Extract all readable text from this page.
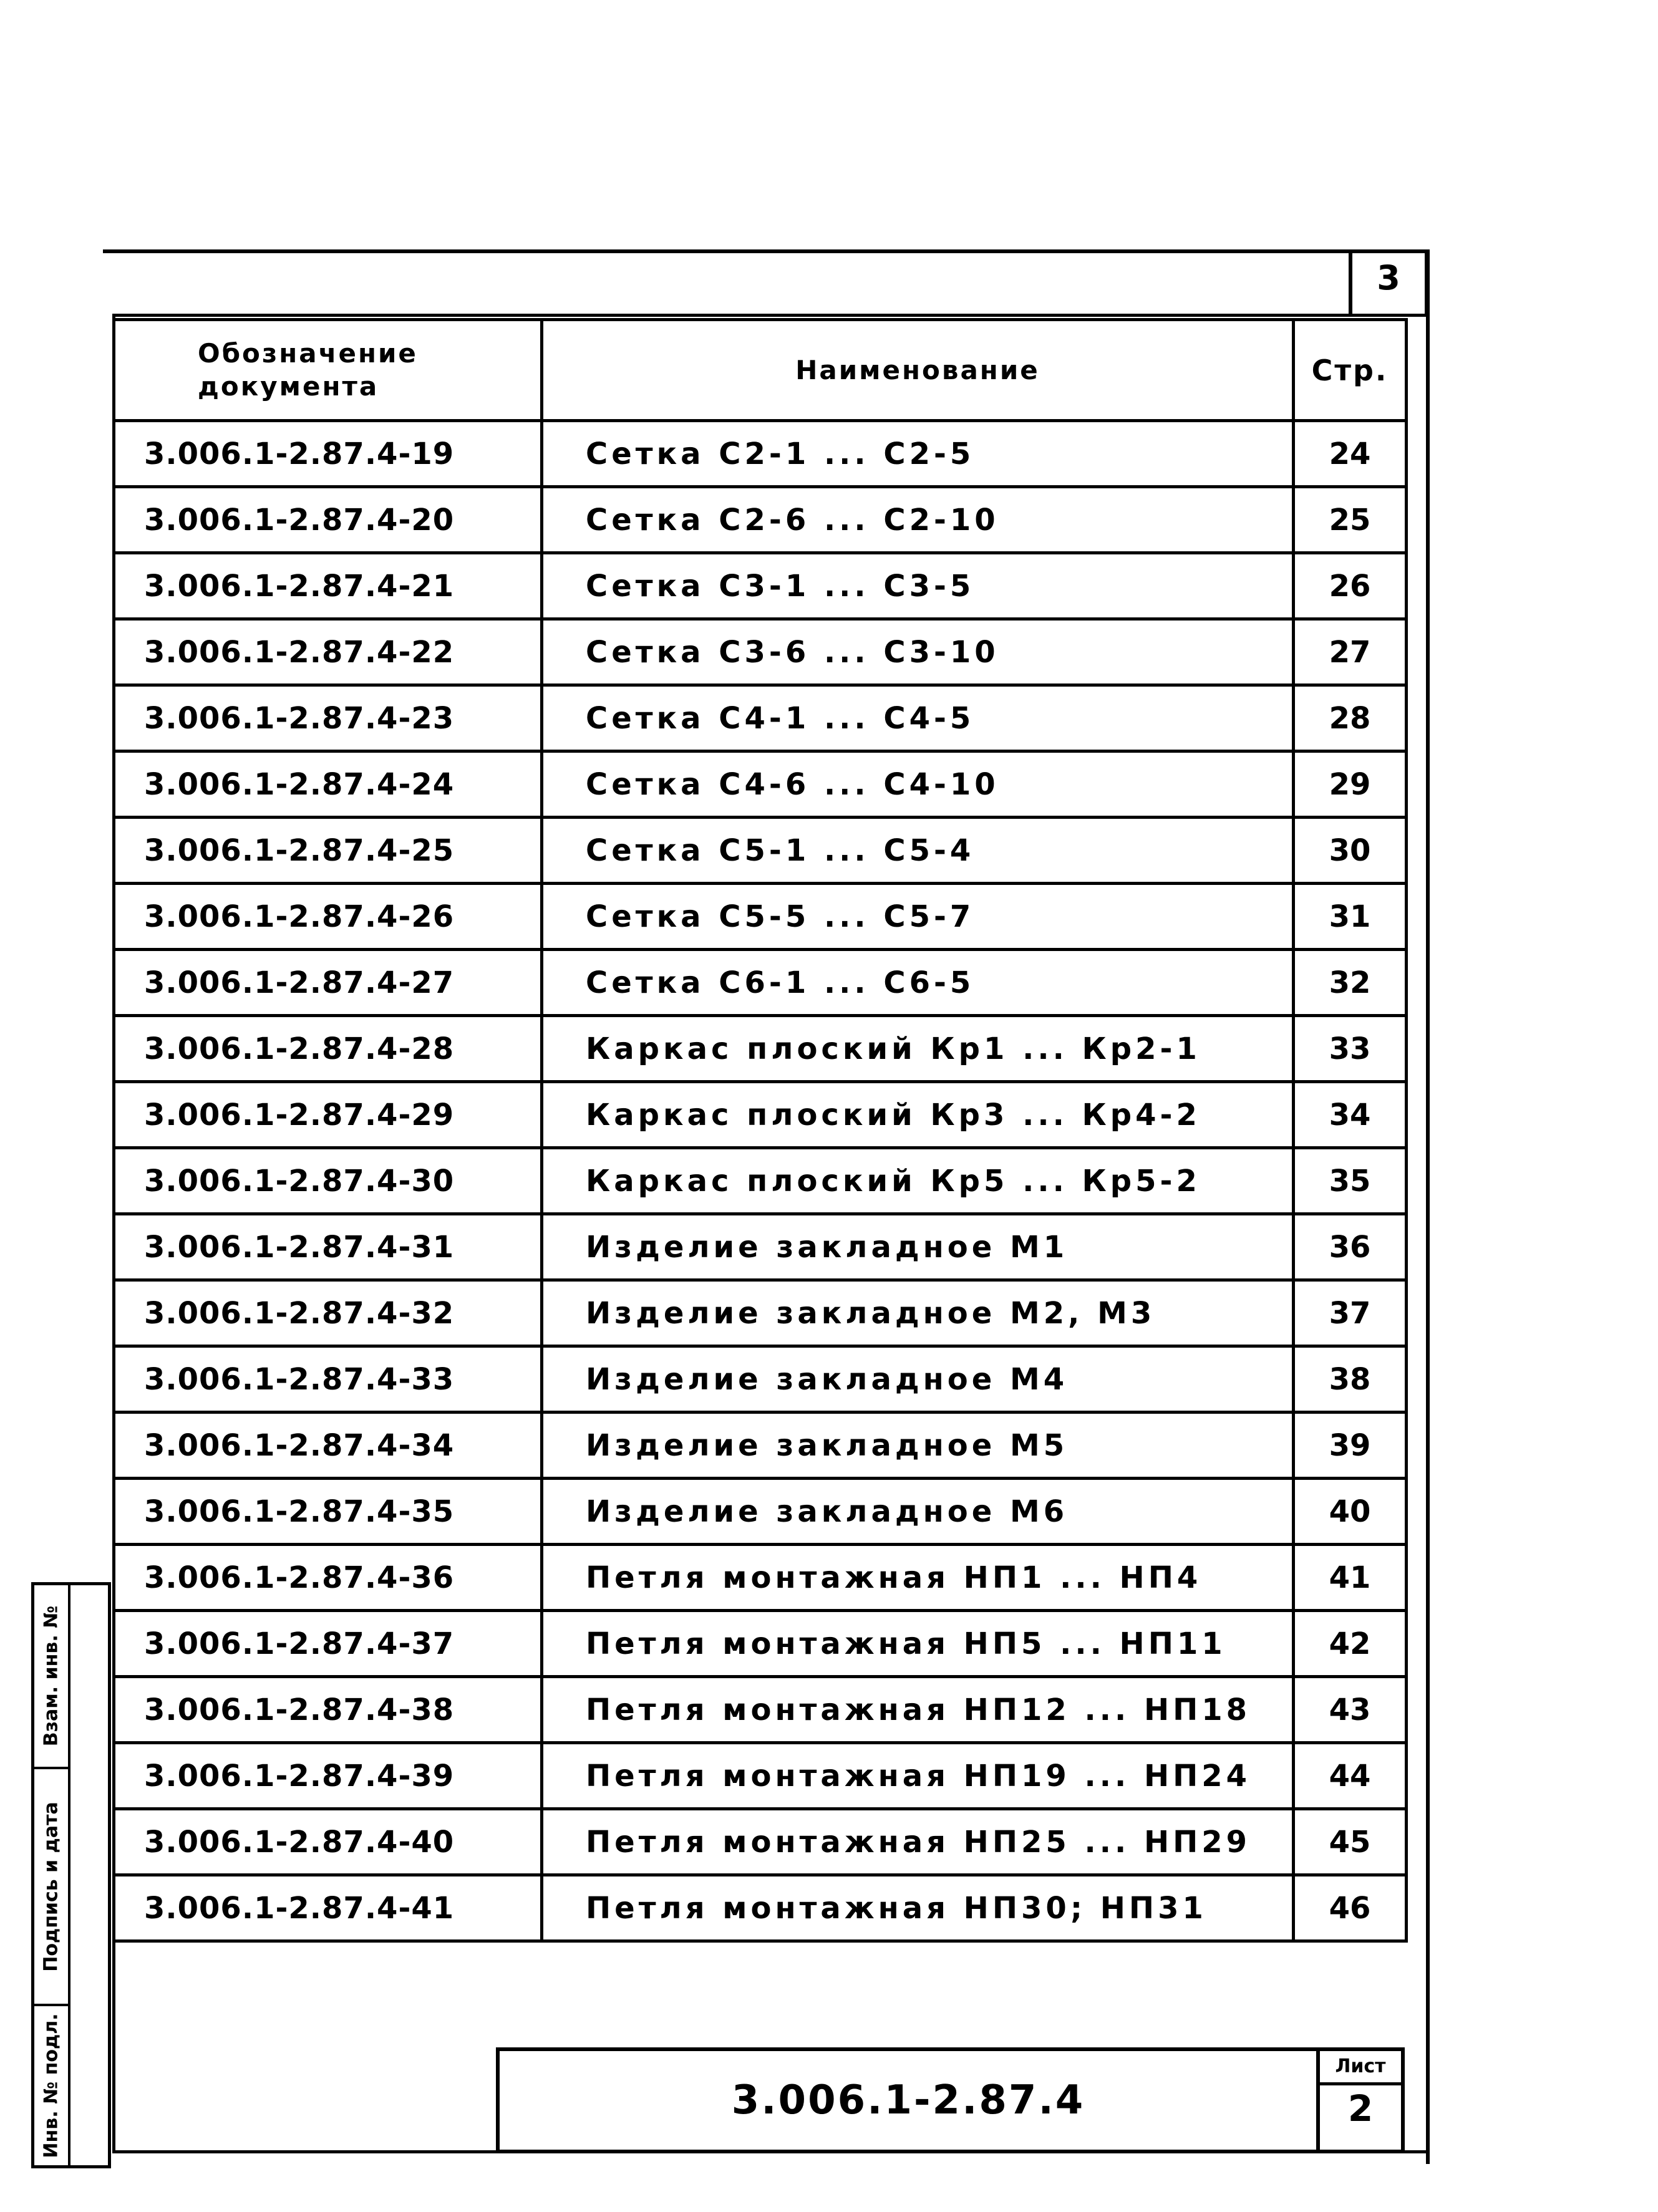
3
Обозначение документа	Наименование	Стр.
3.006.1-2.87.4-19	Сетка С2-1 ... С2-5	24
3.006.1-2.87.4-20	Сетка С2-6 ... С2-10	25
3.006.1-2.87.4-21	Сетка С3-1 ... С3-5	26
3.006.1-2.87.4-22	Сетка С3-6 ... С3-10	27
3.006.1-2.87.4-23	Сетка С4-1 ... С4-5	28
3.006.1-2.87.4-24	Сетка С4-6 ... С4-10	29
3.006.1-2.87.4-25	Сетка С5-1 ... С5-4	30
3.006.1-2.87.4-26	Сетка С5-5 ... С5-7	31
3.006.1-2.87.4-27	Сетка С6-1 ... С6-5	32
3.006.1-2.87.4-28	Каркас плоский Кр1 ... Кр2-1	33
3.006.1-2.87.4-29	Каркас плоский Кр3 ... Кр4-2	34
3.006.1-2.87.4-30	Каркас плоский Кр5 ... Кр5-2	35
3.006.1-2.87.4-31	Изделие закладное М1	36
3.006.1-2.87.4-32	Изделие закладное М2, М3	37
3.006.1-2.87.4-33	Изделие закладное М4	38
3.006.1-2.87.4-34	Изделие закладное М5	39
3.006.1-2.87.4-35	Изделие закладное М6	40
3.006.1-2.87.4-36	Петля монтажная НП1 ... НП4	41
3.006.1-2.87.4-37	Петля монтажная НП5 ... НП11	42
3.006.1-2.87.4-38	Петля монтажная НП12 ... НП18	43
3.006.1-2.87.4-39	Петля монтажная НП19 ... НП24	44
3.006.1-2.87.4-40	Петля монтажная НП25 ... НП29	45
3.006.1-2.87.4-41	Петля монтажная НП30; НП31	46
Взам. инв. №
Подпись и дата
Инв. № подл.	3.006.1-2.87.4
Лист
2
